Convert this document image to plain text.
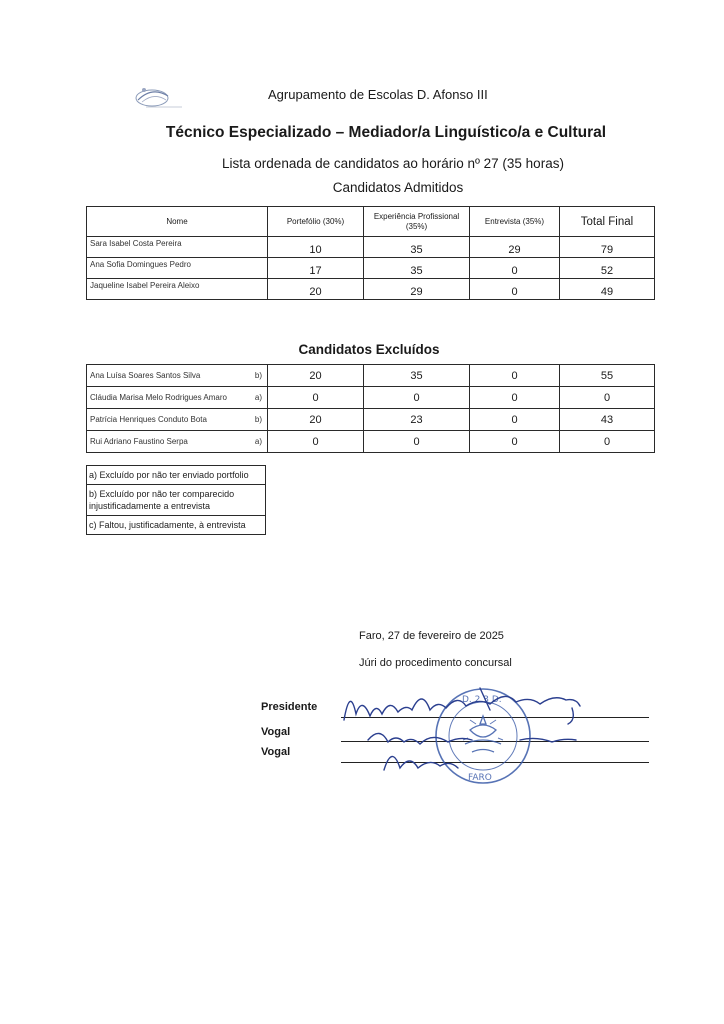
Agrupamento de Escolas D. Afonso III
Técnico Especializado – Mediador/a Linguístico/a e Cultural
Lista ordenada de candidatos ao horário nº 27 (35 horas)
Candidatos Admitidos
Nome	Portefólio (30%)	Experiência Profissional (35%)	Entrevista (35%)	Total Final
Sara Isabel Costa Pereira	10	35	29	79
Ana Sofia Domingues Pedro	17	35	0	52
Jaqueline Isabel Pereira Aleixo	20	29	0	49
Candidatos Excluídos
Ana Luísa Soares Santos Silva b)	20	35	0	55

Cláudia Marisa Melo Rodrigues Amaro a)	0	0	0	0

Patrícia Henriques Conduto Bota b)	20	23	0	43

Rui Adriano Faustino Serpa a)	0	0	0	0
a) Excluído por não ter enviado portfolio
b) Excluído por não ter comparecido injustificadamente a entrevista
c) Faltou, justificadamente, à entrevista
Faro, 27 de fevereiro de 2025
Júri do procedimento concursal
Presidente
Vogal
Vogal
D. 2 3 D.
FARO
